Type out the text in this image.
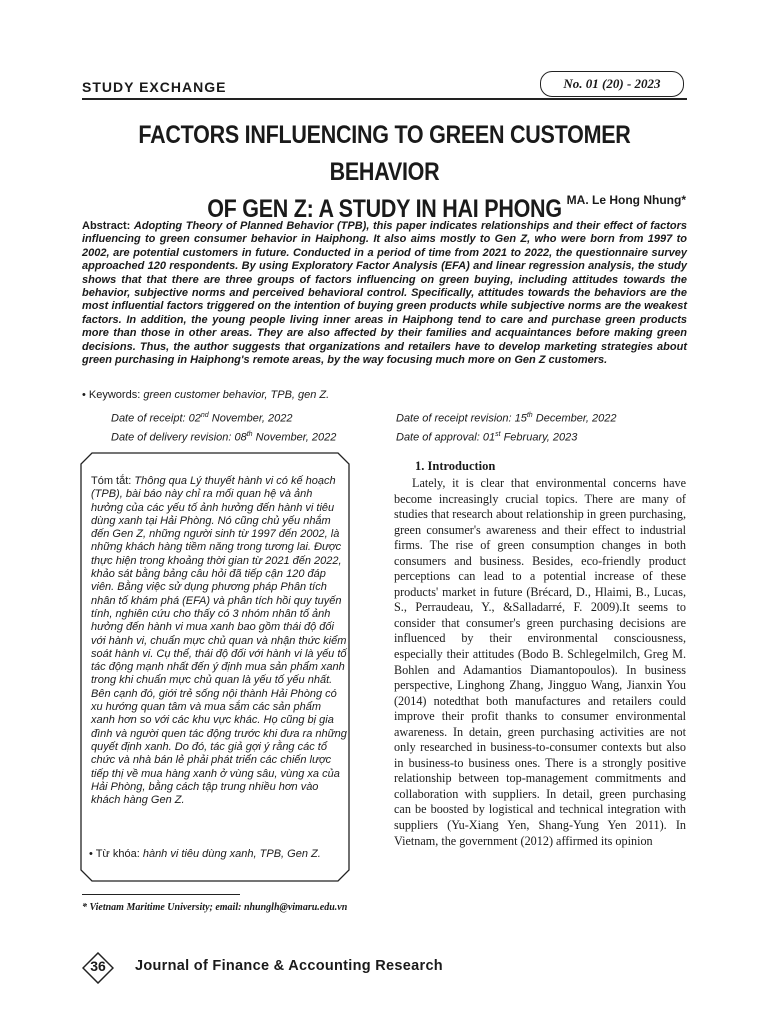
STUDY EXCHANGE	No. 01 (20) - 2023
FACTORS INFLUENCING TO GREEN CUSTOMER BEHAVIOR
OF GEN Z: A STUDY IN HAI PHONG MA. Le Hong Nhung*
Abstract: Adopting Theory of Planned Behavior (TPB), this paper indicates relationships and their effect of factors influencing to green consumer behavior in Haiphong. It also aims mostly to Gen Z, who were born from 1997 to 2002, are potential customers in future. Conducted in a period of time from 2021 to 2022, the questionnaire survey approached 120 respondents. By using Exploratory Factor Analysis (EFA) and linear regression analysis, the study shows that that there are three groups of factors influencing on green buying, including attitudes towards the behavior, subjective norms and perceived behavioral control. Specifically, attitudes towards the behaviors are the most influential factors triggered on the intention of buying green products while subjective norms are the weakest factors. In addition, the young people living inner areas in Haiphong tend to care and purchase green products more than those in other areas. They are also affected by their families and acquaintances before making green decisions. Thus, the author suggests that organizations and retailers have to develop marketing strategies about green purchasing in Haiphong's remote areas, by the way focusing much more on Gen Z customers.
• Keywords: green customer behavior, TPB, gen Z.
Date of receipt: 02nd November, 2022
Date of delivery revision: 08th November, 2022
Date of receipt revision: 15th December, 2022
Date of approval: 01st February, 2023
Tóm tắt: Thông qua Lý thuyết hành vi có kế hoạch (TPB), bài báo này chỉ ra mối quan hệ và ảnh hưởng của các yếu tố ảnh hưởng đến hành vi tiêu dùng xanh tại Hải Phòng. Nó cũng chủ yếu nhắm đến Gen Z, những người sinh từ 1997 đến 2002, là những khách hàng tiềm năng trong tương lai. Được thực hiện trong khoảng thời gian từ 2021 đến 2022, khảo sát bằng bảng câu hỏi đã tiếp cận 120 đáp viên. Bằng việc sử dụng phương pháp Phân tích nhân tố khám phá (EFA) và phân tích hồi quy tuyến tính, nghiên cứu cho thấy có 3 nhóm nhân tố ảnh hưởng đến hành vi mua xanh bao gồm thái độ đối với hành vi, chuẩn mực chủ quan và nhận thức kiểm soát hành vi. Cụ thể, thái độ đối với hành vi là yếu tố tác động mạnh nhất đến ý định mua sản phẩm xanh trong khi chuẩn mực chủ quan là yếu tố yếu nhất. Bên cạnh đó, giới trẻ sống nội thành Hải Phòng có xu hướng quan tâm và mua sắm các sản phẩm xanh hơn so với các khu vực khác. Họ cũng bị gia đình và người quen tác động trước khi đưa ra những quyết định xanh. Do đó, tác giả gợi ý rằng các tổ chức và nhà bán lẻ phải phát triển các chiến lược tiếp thị về mua hàng xanh ở vùng sâu, vùng xa của Hải Phòng, bằng cách tập trung nhiều hơn vào khách hàng Gen Z.
• Từ khóa: hành vi tiêu dùng xanh, TPB, Gen Z.
1. Introduction
Lately, it is clear that environmental concerns have become increasingly crucial topics. There are many of studies that research about relationship in green purchasing, green consumer's awareness and their effect to industrial firms. The rise of green consumption changes in both consumers and business. Besides, eco-friendly product perceptions can lead to a potential increase of these products' market in future (Brécard, D., Hlaimi, B., Lucas, S., Perraudeau, Y., &Salladarré, F. 2009).It seems to consider that consumer's green purchasing decisions are influenced by their environmental consciousness, especially their attitudes (Bodo B. Schlegelmilch, Greg M. Bohlen and Adamantios Diamantopoulos). In business perspective, Linghong Zhang, Jingguo Wang, Jianxin You (2014) notedthat both manufactures and retailers could improve their profit thanks to consumer environmental awareness. In detain, green purchasing activities are not only researched in business-to-consumer contexts but also in business-to business ones. There is a strongly positive relationship between top-management commitments and collaboration with suppliers. In detail, green purchasing can be boosted by logistical and technical integration with suppliers (Yu-Xiang Yen, Shang-Yung Yen 2011). In Vietnam, the government (2012) affirmed its opinion
* Vietnam Maritime University; email: nhunglh@vimaru.edu.vn
36	Journal of Finance & Accounting Research
